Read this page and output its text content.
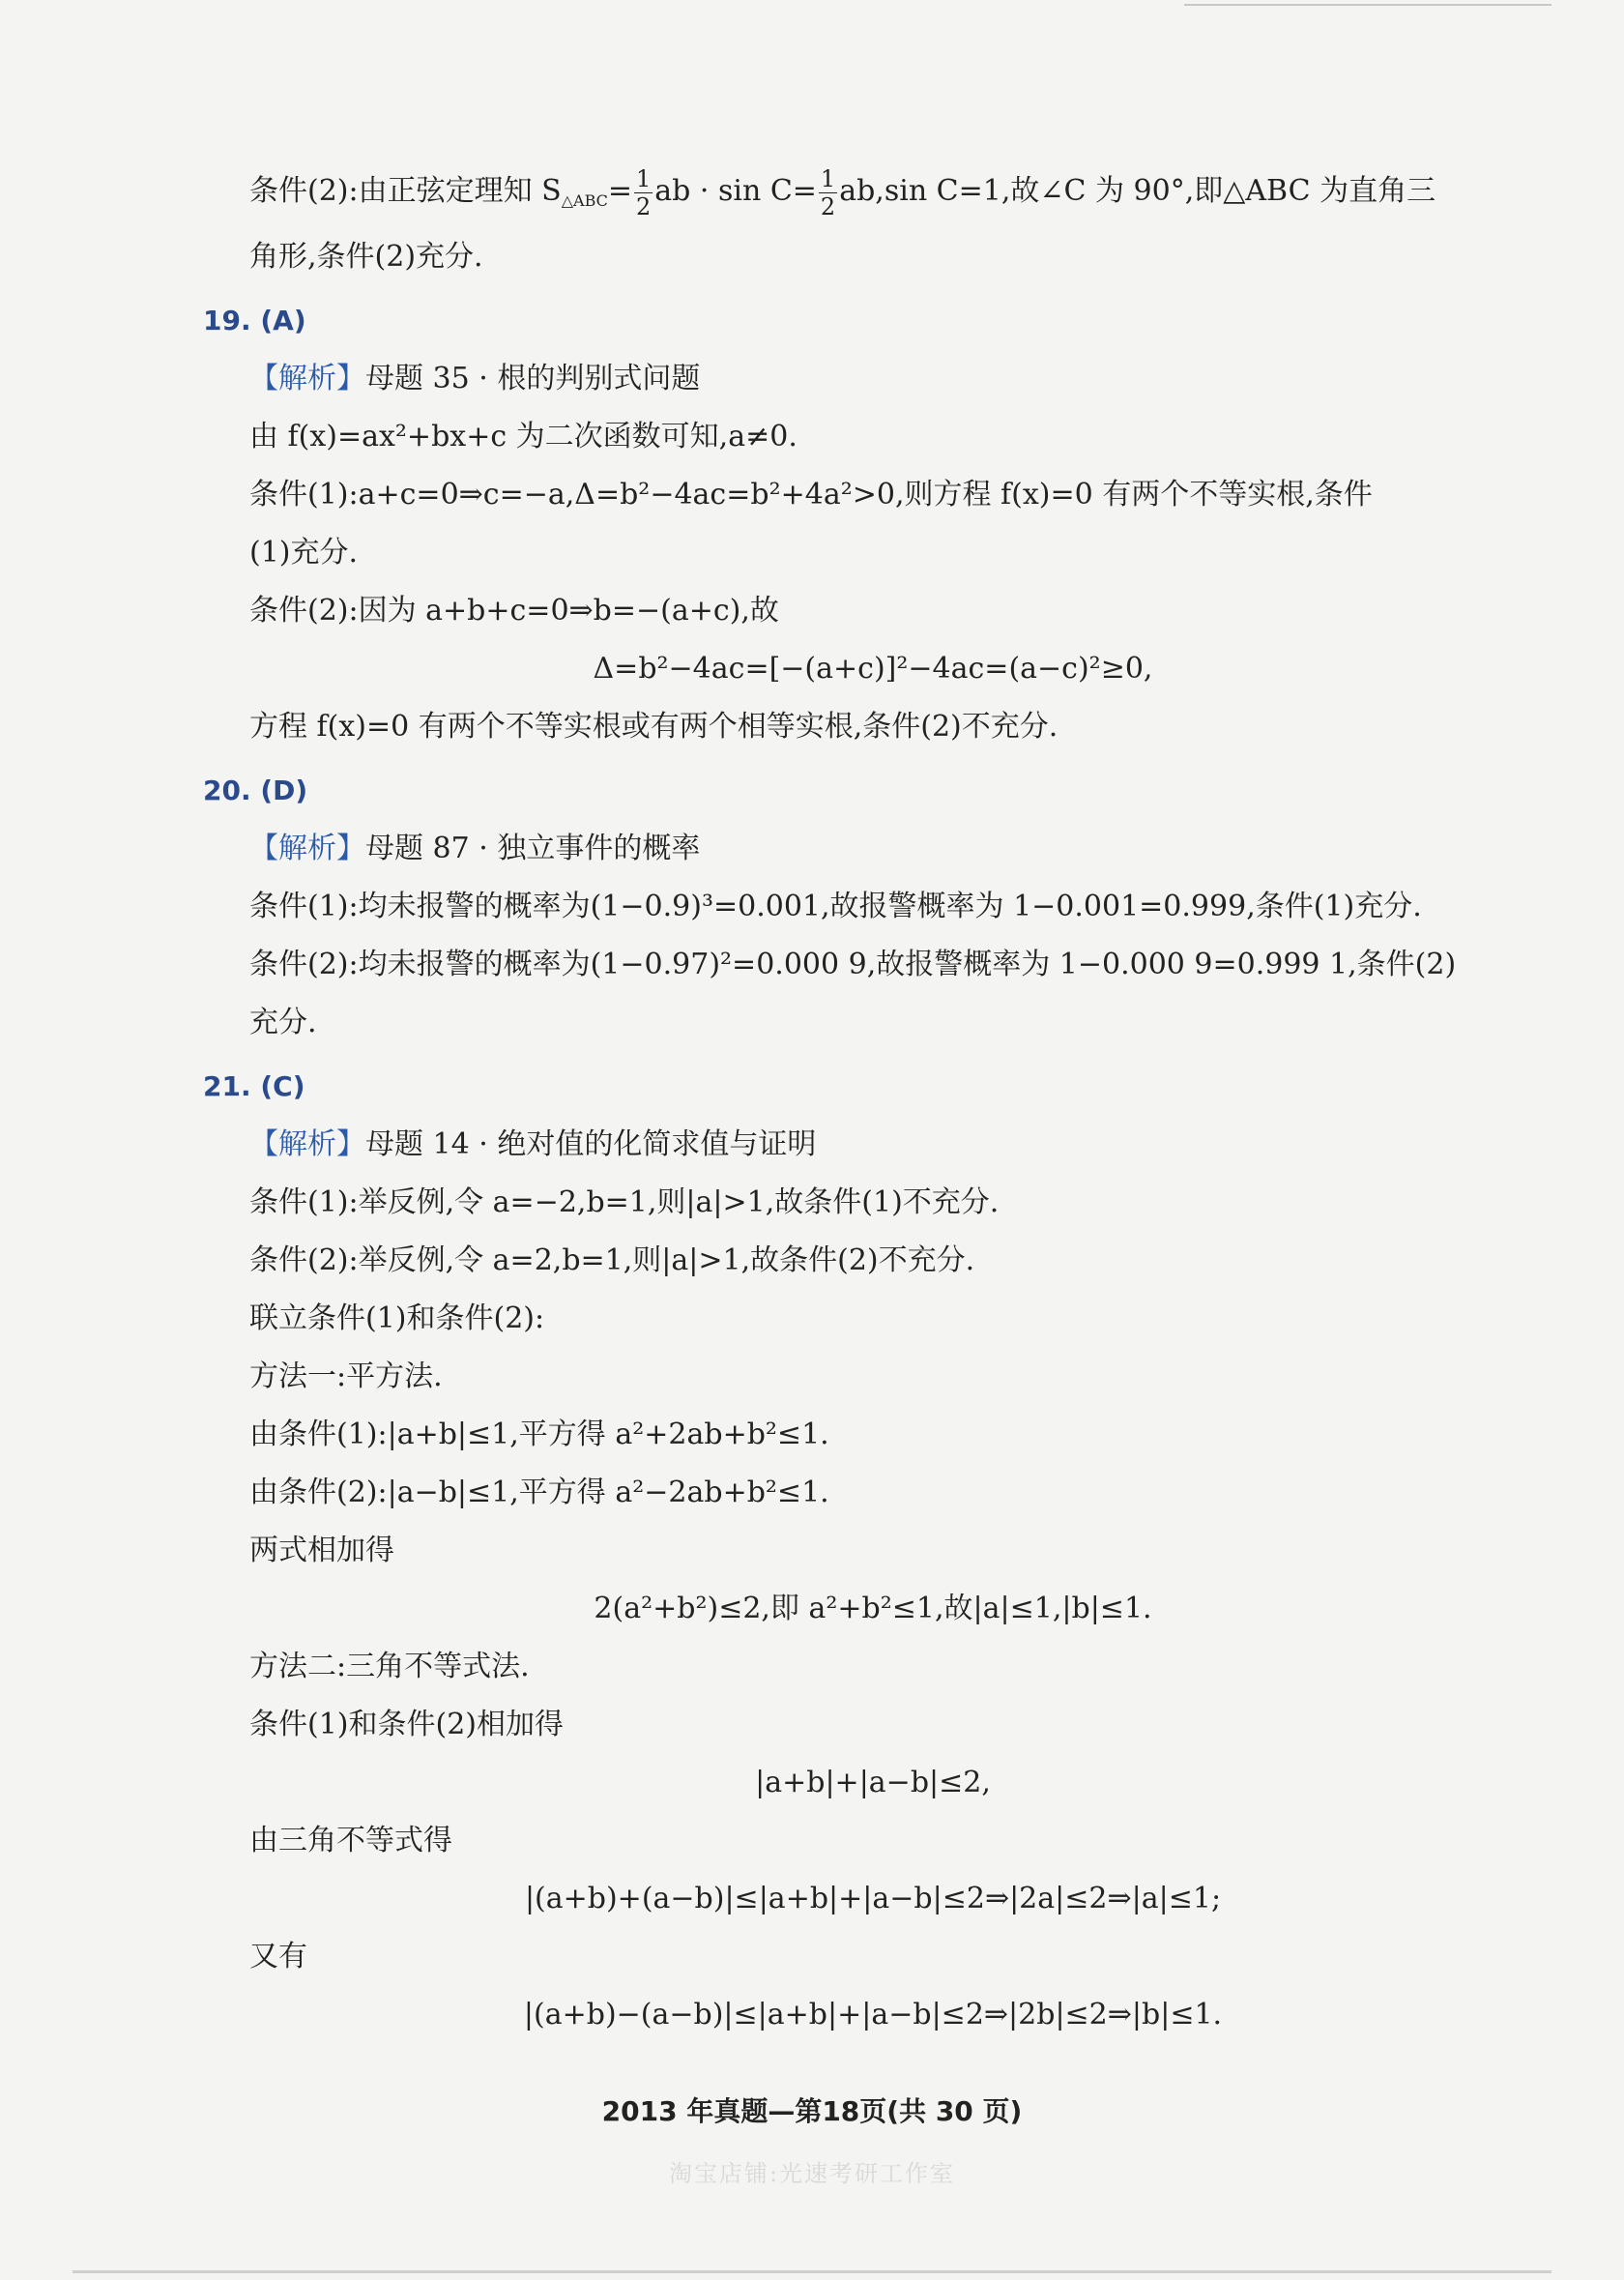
条件(2):由正弦定理知 $S_{\triangle ABC}= \frac{1}{2}$ ab · $\sin C= \frac{1}{2} ab,\sin$ C=1,故∠C 为 90°,即△ABC 为直角三
角形,条件(2)充分.
19. (A)
【解析】母题 35 · 根的判别式问题
由 f(x)=ax²+bx+c 为二次函数可知,a≠0.
条件(1):a+c=0⇒c=−a,Δ=b²−4ac=b²+4a²>0,则方程 f(x)=0 有两个不等实根,条件
(1)充分.
条件(2):因为 a+b+c=0⇒b=−(a+c),故
Δ=b²−4ac=[−(a+c)]²−4ac=(a−c)²≥0,
方程 f(x)=0 有两个不等实根或有两个相等实根,条件(2)不充分.
20. (D)
【解析】母题 87 · 独立事件的概率
条件(1):均未报警的概率为(1−0.9)³=0.001,故报警概率为 1−0.001=0.999,条件(1)充分.
条件(2):均未报警的概率为(1−0.97)²=0.000 9,故报警概率为 1−0.000 9=0.999 1,条件(2)
充分.
21. (C)
【解析】母题 14 · 绝对值的化简求值与证明
条件(1):举反例,令 a=−2,b=1,则|a|>1,故条件(1)不充分.
条件(2):举反例,令 a=2,b=1,则|a|>1,故条件(2)不充分.
联立条件(1)和条件(2):
方法一:平方法.
由条件(1):|a+b|≤1,平方得 a²+2ab+b²≤1.
由条件(2):|a−b|≤1,平方得 a²−2ab+b²≤1.
两式相加得
2(a²+b²)≤2,即 a²+b²≤1,故|a|≤1,|b|≤1.
方法二:三角不等式法.
条件(1)和条件(2)相加得
|a+b|+|a−b|≤2,
由三角不等式得
|(a+b)+(a−b)|≤|a+b|+|a−b|≤2⇒|2a|≤2⇒|a|≤1;
又有
|(a+b)−(a−b)|≤|a+b|+|a−b|≤2⇒|2b|≤2⇒|b|≤1.
2013 年真题—第18页(共 30 页)
淘宝店铺:光速考研工作室
